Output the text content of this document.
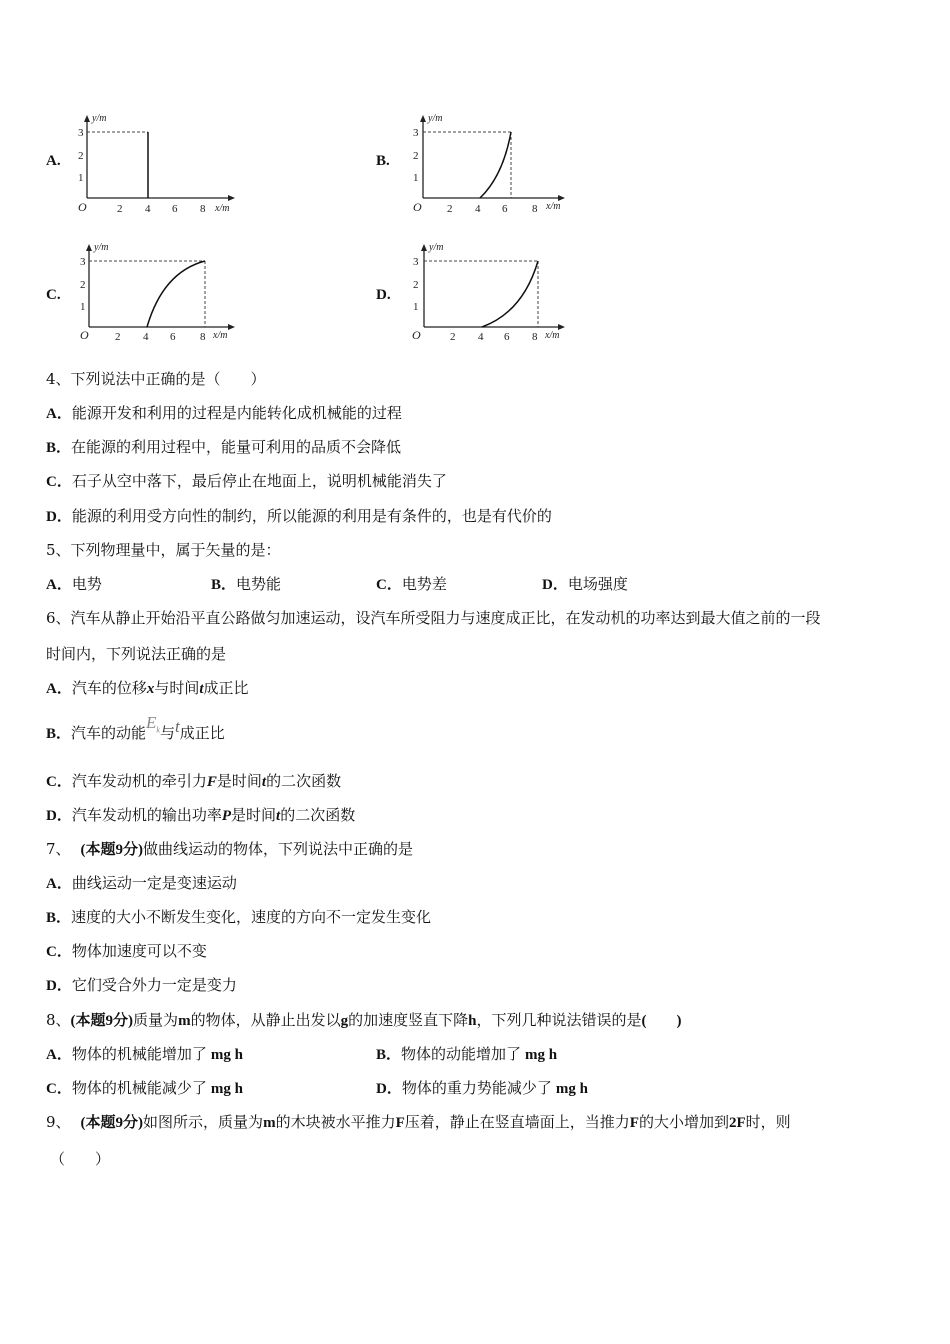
A.	B.
C.	D.
y/m
x/m
O	2 4 6 8
1
2
3
y/m
x/m
O 2 4 6 8
1
2
3
y/m
x/m
O 2 4 6 8
1
2
3
y/m
x/m
O	2 4 6 8
1
2
3
4、下列说法中正确的是（　　）
A．能源开发和利用的过程是内能转化成机械能的过程
B．在能源的利用过程中，能量可利用的品质不会降低
C．石子从空中落下，最后停止在地面上，说明机械能消失了
D．能源的利用受方向性的制约，所以能源的利用是有条件的，也是有代价的
5、下列物理量中，属于矢量的是：
A．电势	B．电势能	C．电势差	D．电场强度
6、汽车从静止开始沿平直公路做匀加速运动，设汽车所受阻力与速度成正比，在发动机的功率达到最大值之前的一段
时间内，下列说法正确的是
A．汽车的位移x与时间t成正比
B．汽车的动能$E_k$与t成正比
C．汽车发动机的牵引力F是时间t的二次函数
D．汽车发动机的输出功率P是时间t的二次函数
7、 (本题9分)做曲线运动的物体，下列说法中正确的是
A．曲线运动一定是变速运动
B．速度的大小不断发生变化，速度的方向不一定发生变化
C．物体加速度可以不变
D．它们受合外力一定是变力
8、(本题9分)质量为m的物体，从静止出发以g的加速度竖直下降h，下列几种说法错误的是(　　)
A．物体的机械能增加了 mg h	B．物体的动能增加了 mg h
C．物体的机械能减少了 mg h	D．物体的重力势能减少了 mg h
9、 (本题9分)如图所示，质量为m的木块被水平推力F压着，静止在竖直墙面上，当推力F的大小增加到2F时，则
（　　）
